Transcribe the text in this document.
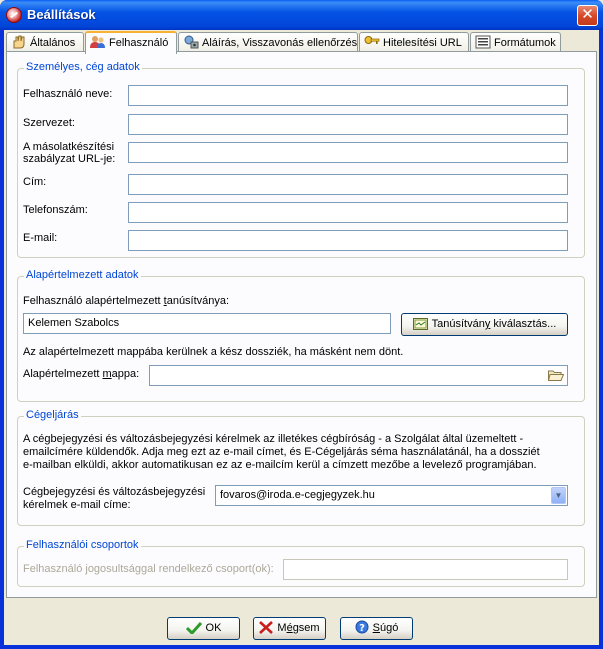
Beállítások	✕
Általános	Felhasználó	Aláírás, Visszavonás ellenőrzés	Hitelesítési URL	Formátumok
Személyes, cég adatok
Felhasználó neve:
Szervezet:
A másolatkészítési
szabályzat URL-je:
Cím:
Telefonszám:
E-mail:
Alapértelmezett adatok
Felhasználó alapértelmezett tanúsítványa:
Kelemen Szabolcs	Tanúsítvány kiválasztás...
Az alapértelmezett mappába kerülnek a kész dossziék, ha másként nem dönt.
Alapértelmezett mappa:
Cégeljárás
A cégbejegyzési és változásbejegyzési kérelmek az illetékes cégbíróság - a Szolgálat által üzemeltett -
emailcímére küldendők. Adja meg ezt az e-mail címet, és E-Cégeljárás séma használatánál, ha a dossziét
e-mailban elküldi, akkor automatikusan ez az e-mailcím kerül a címzett mezőbe a levelező programjában.
Cégbejegyzési és változásbejegyzési
kérelmek e-mail címe:
fovaros@iroda.e-cegjegyzek.hu	▼
Felhasználói csoportok
Felhasználó jogosultsággal rendelkező csoport(ok):
OK	Mégsem	? Súgó
